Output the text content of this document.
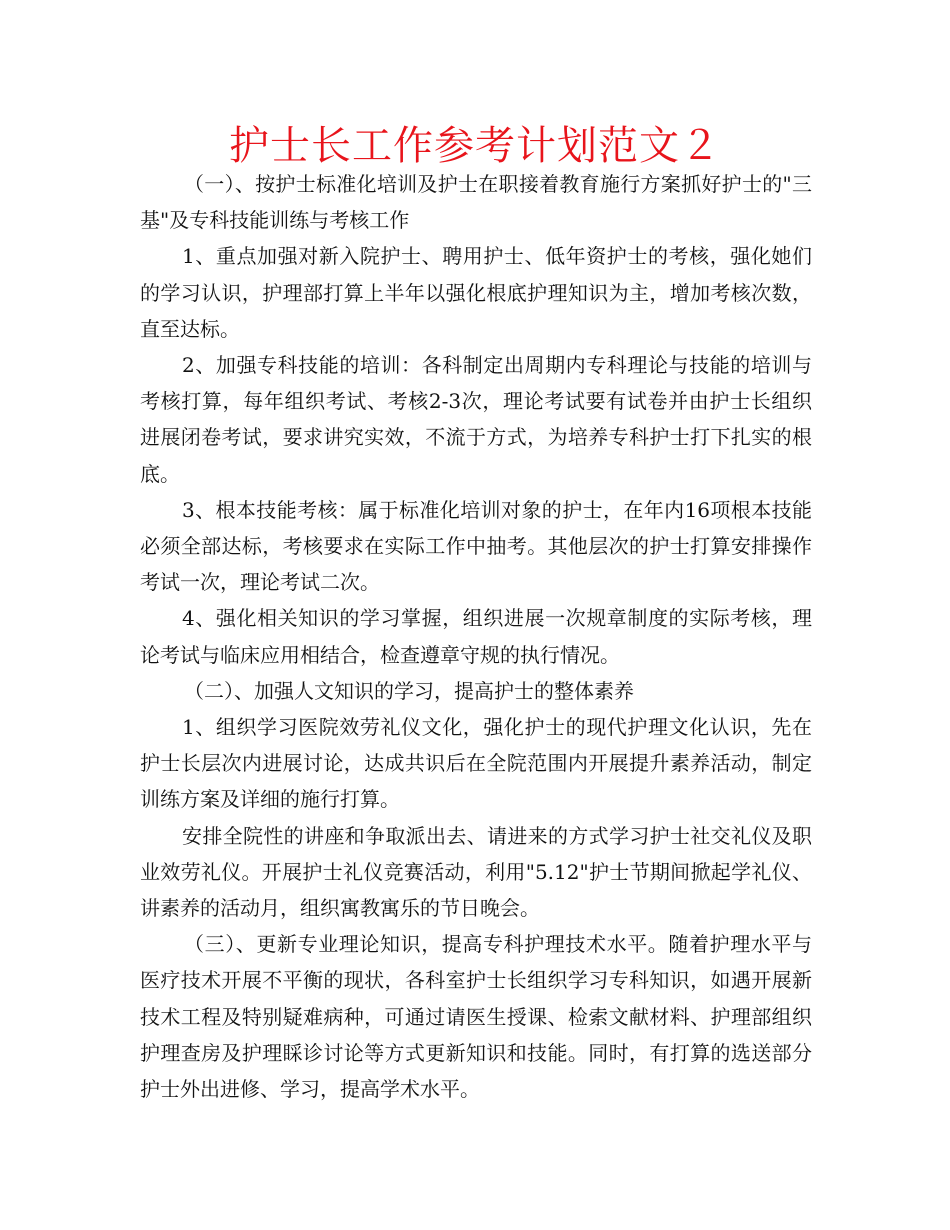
护士长工作参考计划范文２

（一）、按护士标准化培训及护士在职接着教育施行方案抓好护士的"三基"及专科技能训练与考核工作

1、重点加强对新入院护士、聘用护士、低年资护士的考核，强化她们的学习认识，护理部打算上半年以强化根底护理知识为主，增加考核次数，直至达标。

2、加强专科技能的培训：各科制定出周期内专科理论与技能的培训与考核打算，每年组织考试、考核2-3次，理论考试要有试卷并由护士长组织进展闭卷考试，要求讲究实效，不流于方式，为培养专科护士打下扎实的根底。

3、根本技能考核：属于标准化培训对象的护士，在年内16项根本技能必须全部达标，考核要求在实际工作中抽考。其他层次的护士打算安排操作考试一次，理论考试二次。

4、强化相关知识的学习掌握，组织进展一次规章制度的实际考核，理论考试与临床应用相结合，检查遵章守规的执行情况。

（二）、加强人文知识的学习，提高护士的整体素养

1、组织学习医院效劳礼仪文化，强化护士的现代护理文化认识，先在护士长层次内进展讨论，达成共识后在全院范围内开展提升素养活动，制定训练方案及详细的施行打算。

安排全院性的讲座和争取派出去、请进来的方式学习护士社交礼仪及职业效劳礼仪。开展护士礼仪竞赛活动，利用"5.12"护士节期间掀起学礼仪、讲素养的活动月，组织寓教寓乐的节日晚会。

（三）、更新专业理论知识，提高专科护理技术水平。随着护理水平与医疗技术开展不平衡的现状，各科室护士长组织学习专科知识，如遇开展新技术工程及特别疑难病种，可通过请医生授课、检索文献材料、护理部组织护理查房及护理睬诊讨论等方式更新知识和技能。同时，有打算的选送部分护士外出进修、学习，提高学术水平。
